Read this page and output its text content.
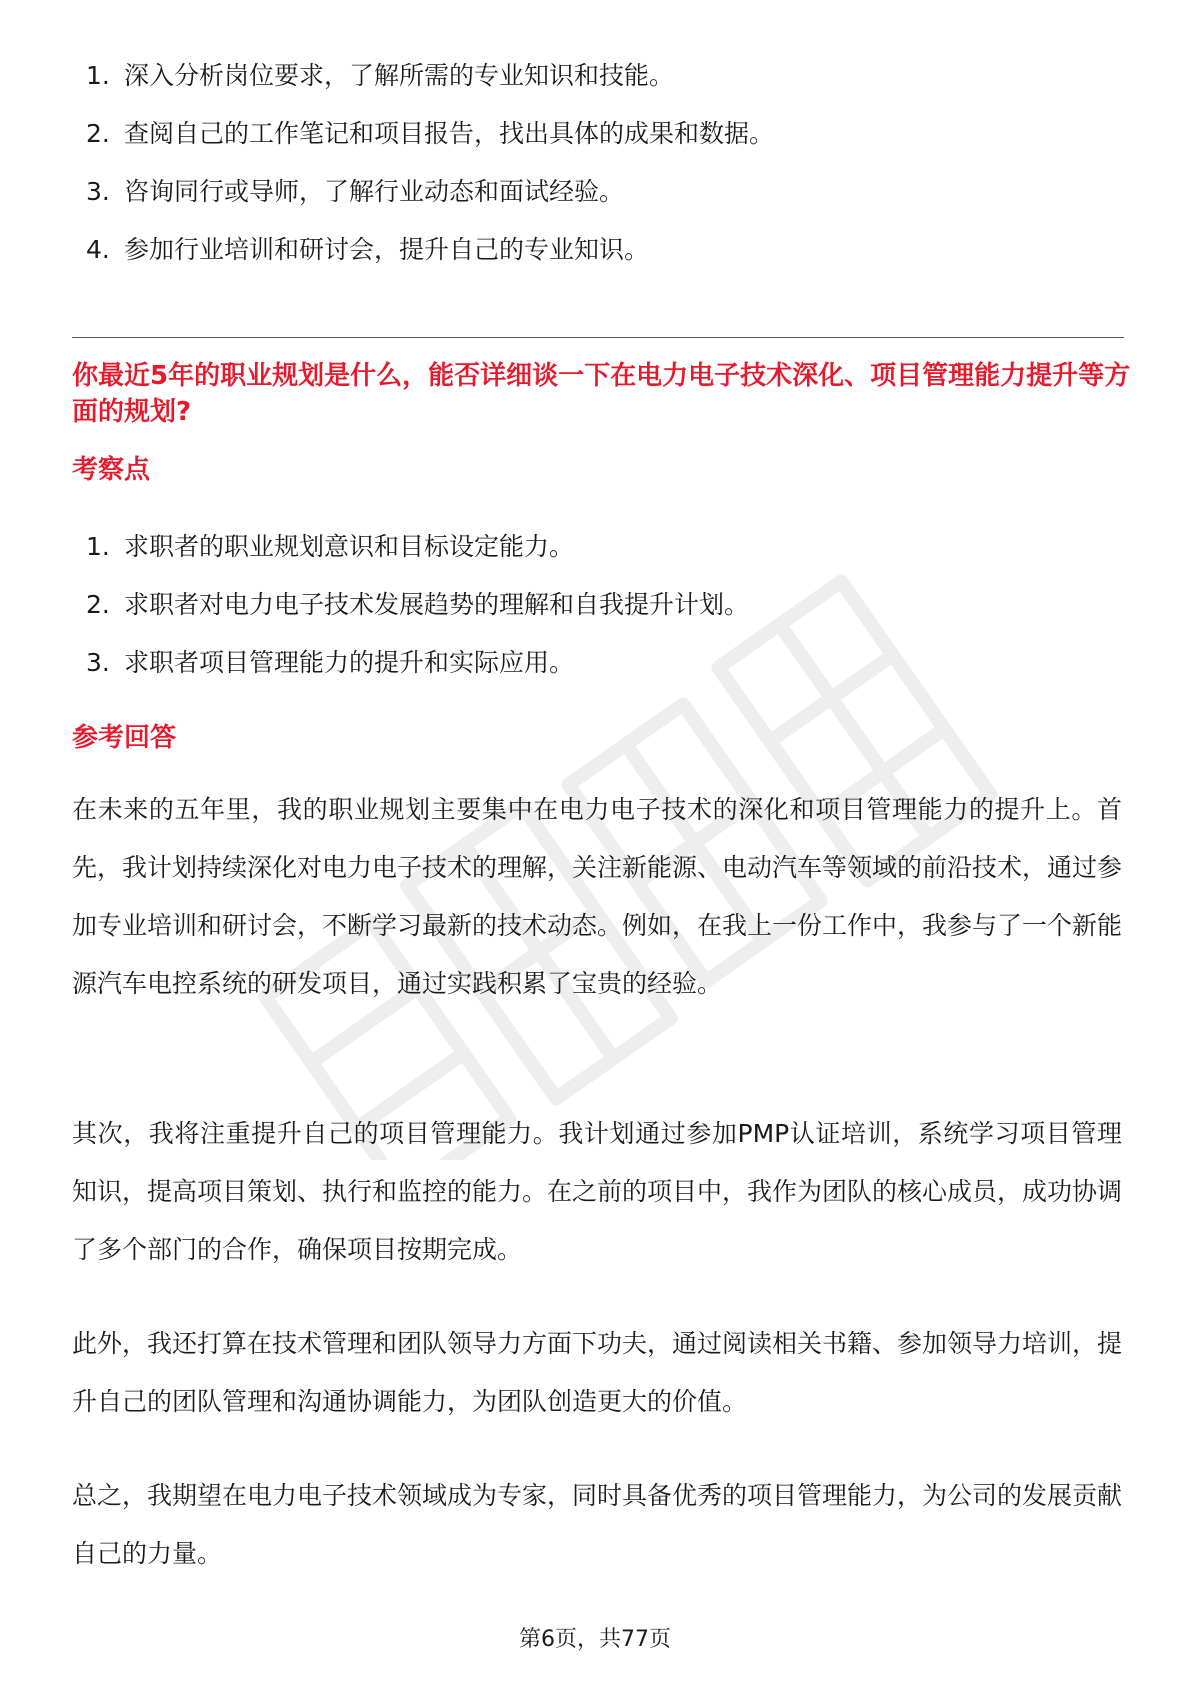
1. 深入分析岗位要求，了解所需的专业知识和技能。
2. 查阅自己的工作笔记和项目报告，找出具体的成果和数据。
3. 咨询同行或导师，了解行业动态和面试经验。
4. 参加行业培训和研讨会，提升自己的专业知识。
你最近5年的职业规划是什么，能否详细谈一下在电力电子技术深化、项目管理能力提升等方面的规划?
考察点
1. 求职者的职业规划意识和目标设定能力。
2. 求职者对电力电子技术发展趋势的理解和自我提升计划。
3. 求职者项目管理能力的提升和实际应用。
参考回答

在未来的五年里，我的职业规划主要集中在电力电子技术的深化和项目管理能力的提升上。首先，我计划持续深化对电力电子技术的理解，关注新能源、电动汽车等领域的前沿技术，通过参加专业培训和研讨会，不断学习最新的技术动态。例如，在我上一份工作中，我参与了一个新能源汽车电控系统的研发项目，通过实践积累了宝贵的经验。

其次，我将注重提升自己的项目管理能力。我计划通过参加PMP认证培训，系统学习项目管理知识，提高项目策划、执行和监控的能力。在之前的项目中，我作为团队的核心成员，成功协调了多个部门的合作，确保项目按期完成。

此外，我还打算在技术管理和团队领导力方面下功夫，通过阅读相关书籍、参加领导力培训，提升自己的团队管理和沟通协调能力，为团队创造更大的价值。

总之，我期望在电力电子技术领域成为专家，同时具备优秀的项目管理能力，为公司的发展贡献自己的力量。

第6页，共77页
